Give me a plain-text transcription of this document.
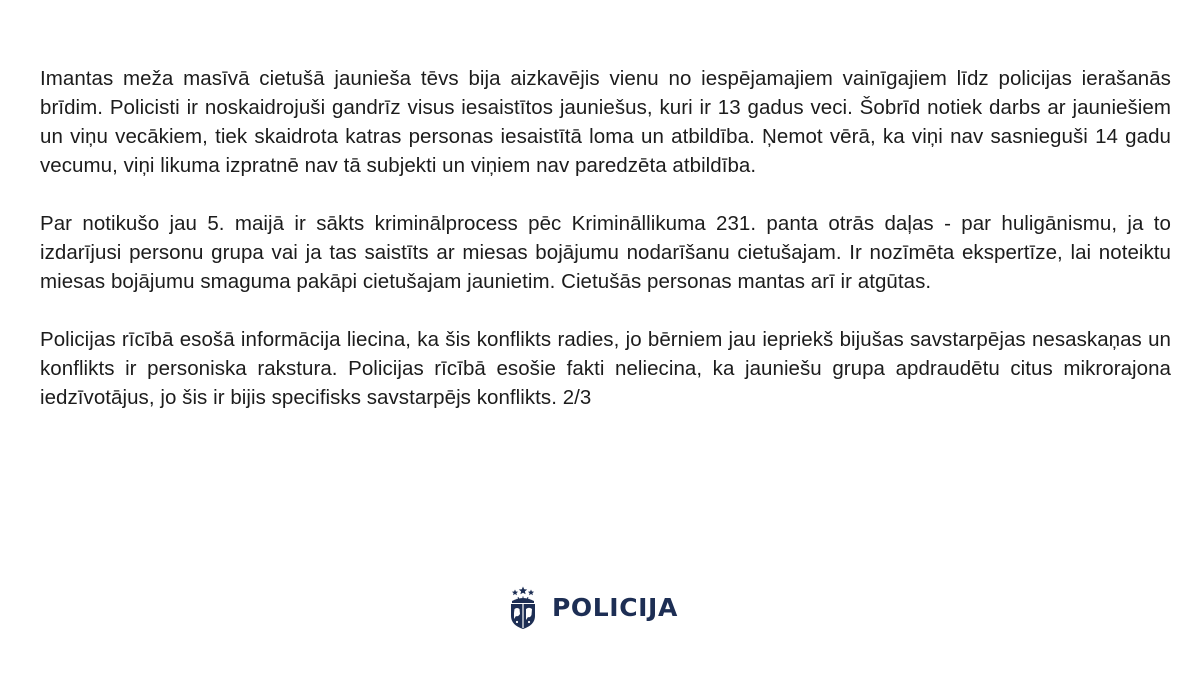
Imantas meža masīvā cietušā jaunieša tēvs bija aizkavējis vienu no iespējamajiem vainīgajiem līdz policijas ierašanās brīdim. Policisti ir noskaidrojuši gandrīz visus iesaistītos jauniešus, kuri ir 13 gadus veci. Šobrīd notiek darbs ar jauniešiem un viņu vecākiem, tiek skaidrota katras personas iesaistītā loma un atbildība. Ņemot vērā, ka viņi nav sasnieguši 14 gadu vecumu, viņi likuma izpratnē nav tā subjekti un viņiem nav paredzēta atbildība.

Par notikušo jau 5. maijā ir sākts kriminālprocess pēc Krimināllikuma 231. panta otrās daļas - par huligānismu, ja to izdarījusi personu grupa vai ja tas saistīts ar miesas bojājumu nodarīšanu cietušajam. Ir nozīmēta ekspertīze, lai noteiktu miesas bojājumu smaguma pakāpi cietušajam jaunietim. Cietušās personas mantas arī ir atgūtas.

Policijas rīcībā esošā informācija liecina, ka šis konflikts radies, jo bērniem jau iepriekš bijušas savstarpējas nesaskaņas un konflikts ir personiska rakstura. Policijas rīcībā esošie fakti neliecina, ka jauniešu grupa apdraudētu citus mikrorajona iedzīvotājus, jo šis ir bijis specifisks savstarpējs konflikts. 2/3

POLICIJA
